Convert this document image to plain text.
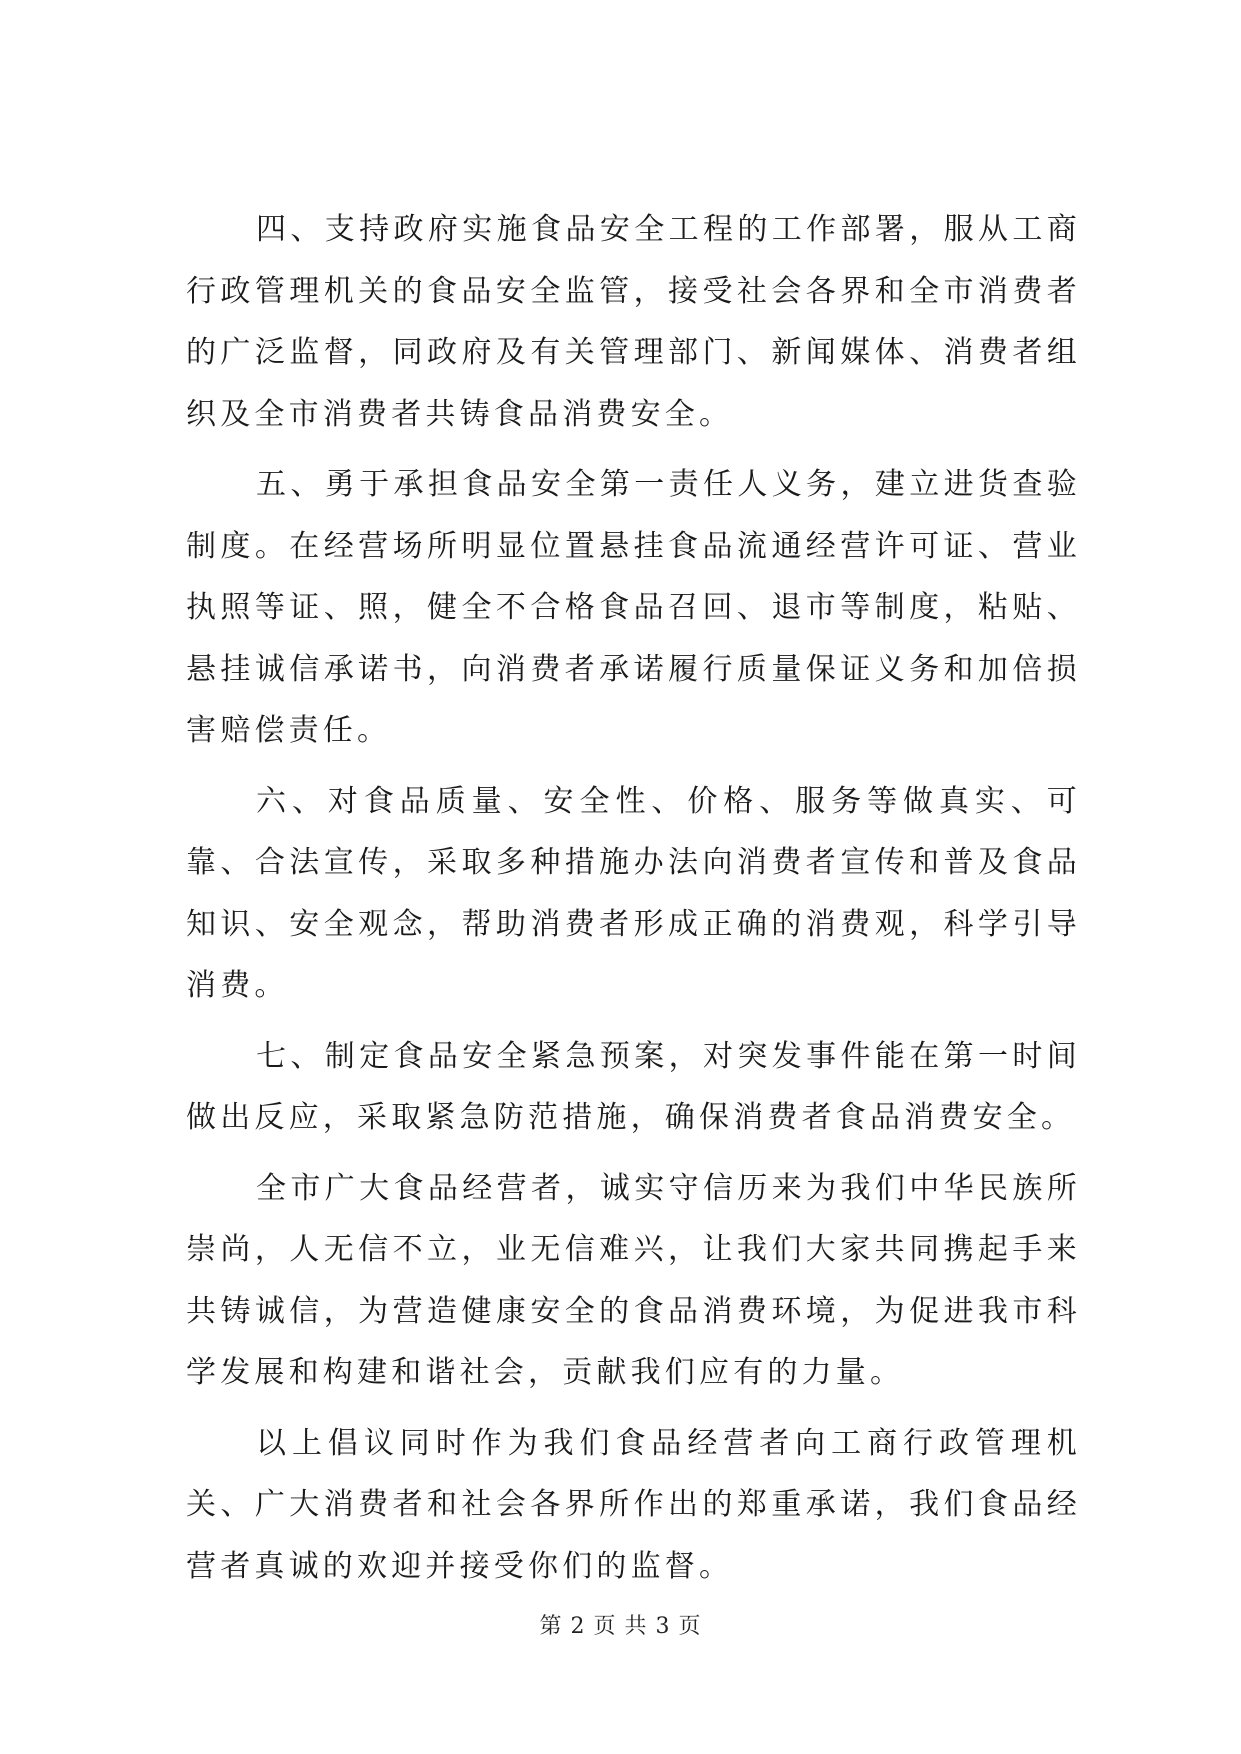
四、支持政府实施食品安全工程的工作部署，服从工商行政管理机关的食品安全监管，接受社会各界和全市消费者的广泛监督，同政府及有关管理部门、新闻媒体、消费者组织及全市消费者共铸食品消费安全。

五、勇于承担食品安全第一责任人义务，建立进货查验制度。在经营场所明显位置悬挂食品流通经营许可证、营业执照等证、照，健全不合格食品召回、退市等制度，粘贴、悬挂诚信承诺书，向消费者承诺履行质量保证义务和加倍损害赔偿责任。

六、对食品质量、安全性、价格、服务等做真实、可靠、合法宣传，采取多种措施办法向消费者宣传和普及食品知识、安全观念，帮助消费者形成正确的消费观，科学引导消费。

七、制定食品安全紧急预案，对突发事件能在第一时间做出反应，采取紧急防范措施，确保消费者食品消费安全。

全市广大食品经营者，诚实守信历来为我们中华民族所崇尚，人无信不立，业无信难兴，让我们大家共同携起手来共铸诚信，为营造健康安全的食品消费环境，为促进我市科学发展和构建和谐社会，贡献我们应有的力量。

以上倡议同时作为我们食品经营者向工商行政管理机关、广大消费者和社会各界所作出的郑重承诺，我们食品经营者真诚的欢迎并接受你们的监督。

第 2 页 共 3 页
